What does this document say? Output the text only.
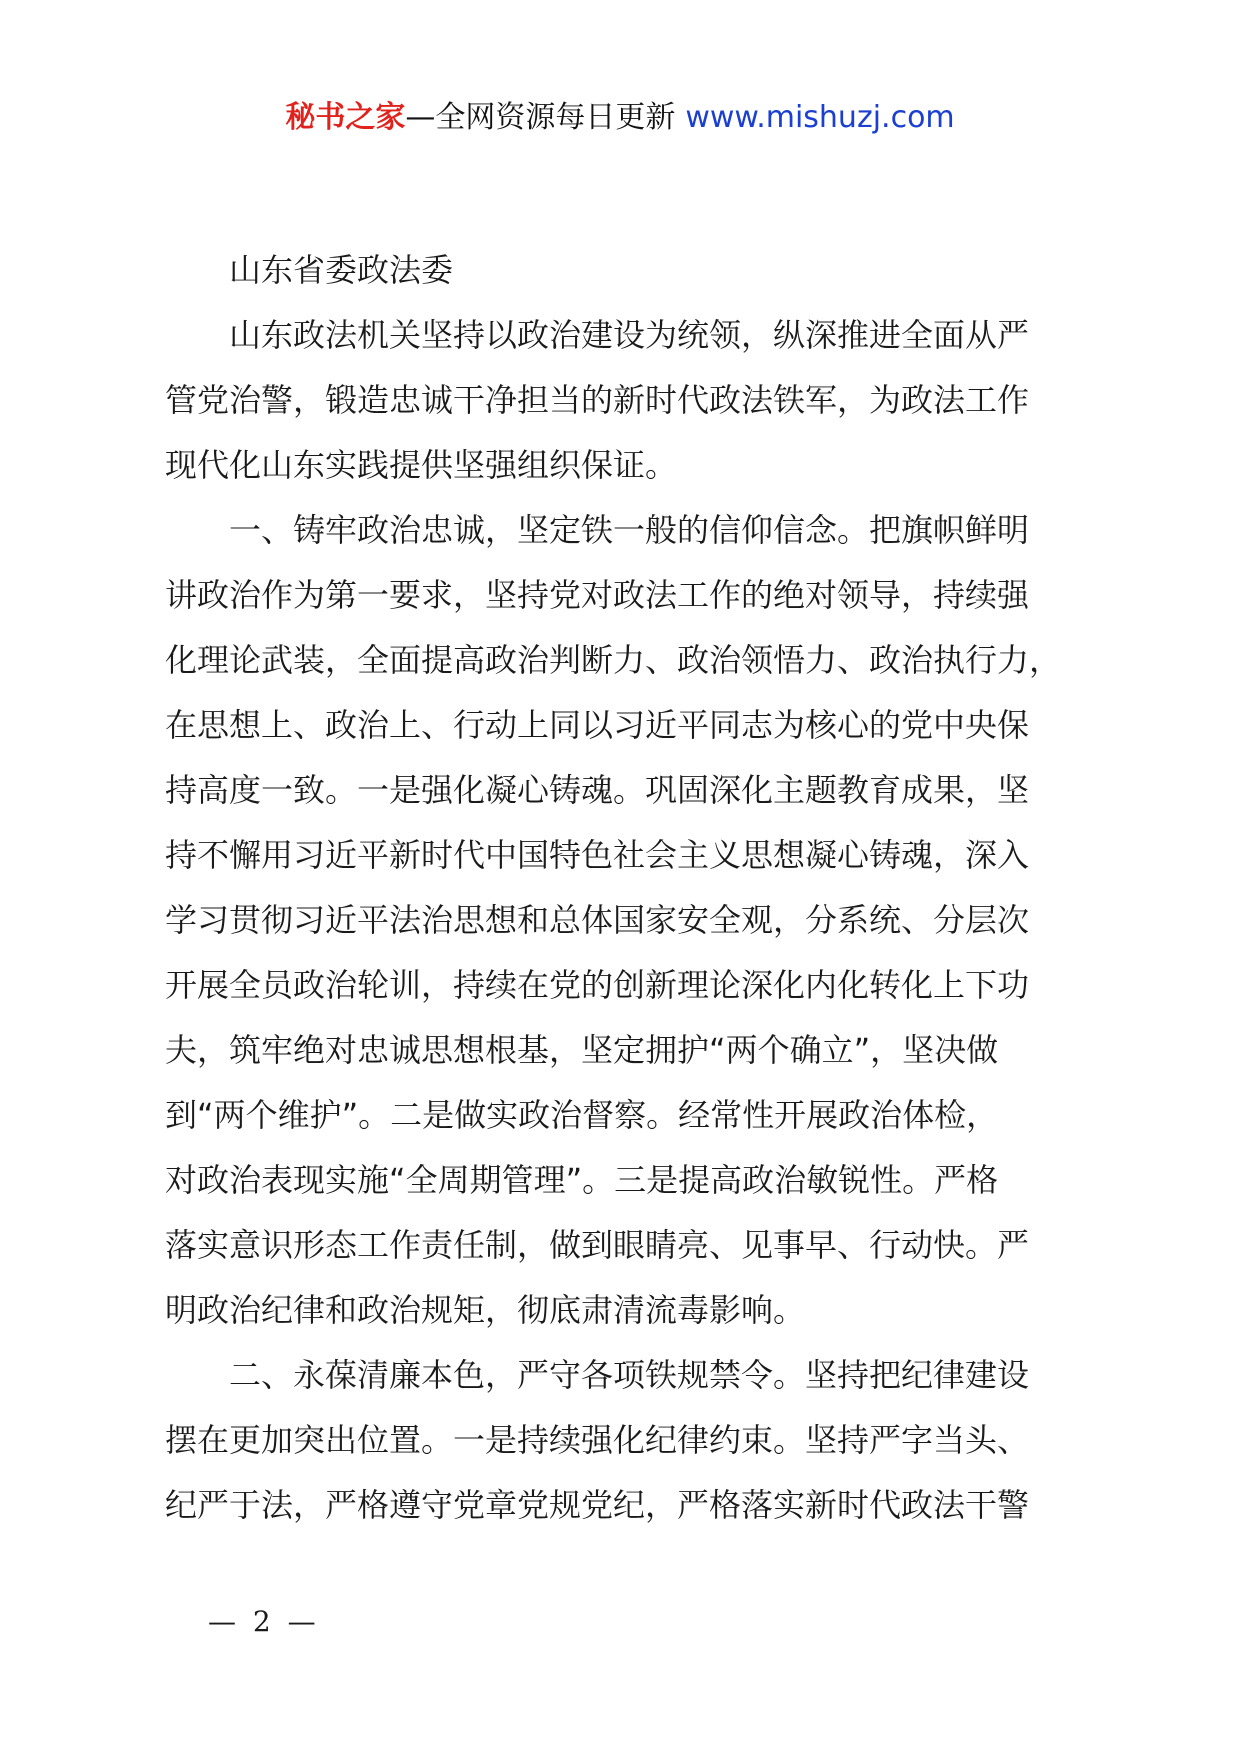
秘书之家—全网资源每日更新 www.mishuzj.com
山东省委政法委
山东政法机关坚持以政治建设为统领，纵深推进全面从严
管党治警，锻造忠诚干净担当的新时代政法铁军，为政法工作
现代化山东实践提供坚强组织保证。
一、铸牢政治忠诚，坚定铁一般的信仰信念。把旗帜鲜明
讲政治作为第一要求，坚持党对政法工作的绝对领导，持续强
化理论武装，全面提高政治判断力、政治领悟力、政治执行力，
在思想上、政治上、行动上同以习近平同志为核心的党中央保
持高度一致。一是强化凝心铸魂。巩固深化主题教育成果，坚
持不懈用习近平新时代中国特色社会主义思想凝心铸魂，深入
学习贯彻习近平法治思想和总体国家安全观，分系统、分层次
开展全员政治轮训，持续在党的创新理论深化内化转化上下功
夫，筑牢绝对忠诚思想根基，坚定拥护“两个确立”，坚决做
到“两个维护”。二是做实政治督察。经常性开展政治体检，
对政治表现实施“全周期管理”。三是提高政治敏锐性。严格
落实意识形态工作责任制，做到眼睛亮、见事早、行动快。严
明政治纪律和政治规矩，彻底肃清流毒影响。
二、永葆清廉本色，严守各项铁规禁令。坚持把纪律建设
摆在更加突出位置。一是持续强化纪律约束。坚持严字当头、
纪严于法，严格遵守党章党规党纪，严格落实新时代政法干警
— 2 —
